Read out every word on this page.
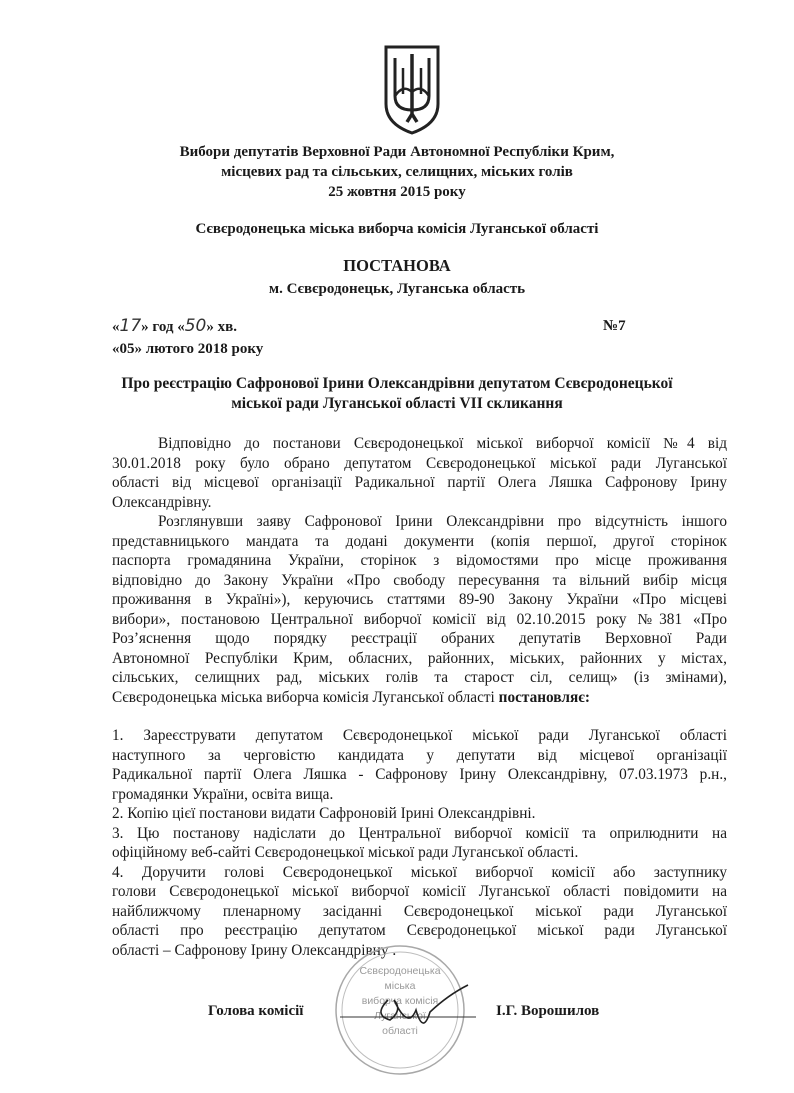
Вибори депутатів Верховної Ради Автономної Республіки Крим,
місцевих рад та сільських, селищних, міських голів
25 жовтня 2015 року
Сєвєродонецька міська виборча комісія Луганської області
ПОСТАНОВА
м. Сєвєродонецьк, Луганська область
«17» год «50» хв.	№7
«05» лютого 2018 року
Про реєстрацію Сафронової Ірини Олександрівни депутатом Сєвєродонецької
міської ради Луганської області VII скликання
Відповідно до постанови Сєвєродонецької міської виборчої комісії №4 від
30.01.2018 року було обрано депутатом Сєвєродонецької міської ради Луганської
області від місцевої організації Радикальної партії Олега Ляшка Сафронову Ірину
Олександрівну.
Розглянувши заяву Сафронової Ірини Олександрівни про відсутність іншого
представницького мандата та додані документи (копія першої, другої сторінок
паспорта громадянина України, сторінок з відомостями про місце проживання
відповідно до Закону України «Про свободу пересування та вільний вибір місця
проживання в Україні»), керуючись статтями 89-90 Закону України «Про місцеві
вибори», постановою Центральної виборчої комісії від 02.10.2015 року №381 «Про
Роз’яснення щодо порядку реєстрації обраних депутатів Верховної Ради
Автономної Республіки Крим, обласних, районних, міських, районних у містах,
сільських, селищних рад, міських голів та старост сіл, селищ» (із змінами),
Сєвєродонецька міська виборча комісія Луганської області постановляє:
1. Зареєструвати депутатом Сєвєродонецької міської ради Луганської області
наступного за черговістю кандидата у депутати від місцевої організації
Радикальної партії Олега Ляшка - Сафронову Ірину Олександрівну, 07.03.1973 р.н.,
громадянки України, освіта вища.
2. Копію цієї постанови видати Сафроновій Ірині Олександрівні.
3. Цю постанову надіслати до Центральної виборчої комісії та оприлюднити на
офіційному веб-сайті Сєвєродонецької міської ради Луганської області.
4. Доручити голові Сєвєродонецької міської виборчої комісії або заступнику
голови Сєвєродонецької міської виборчої комісії Луганської області повідомити на
найближчому пленарному засіданні Сєвєродонецької міської ради Луганської
області про реєстрацію депутатом Сєвєродонецької міської ради Луганської
області – Сафронову Ірину Олександрівну .
Голова комісії	І.Г. Ворошилов
Сєвєродонецька
міська
виборча комісія
Луганської
області
